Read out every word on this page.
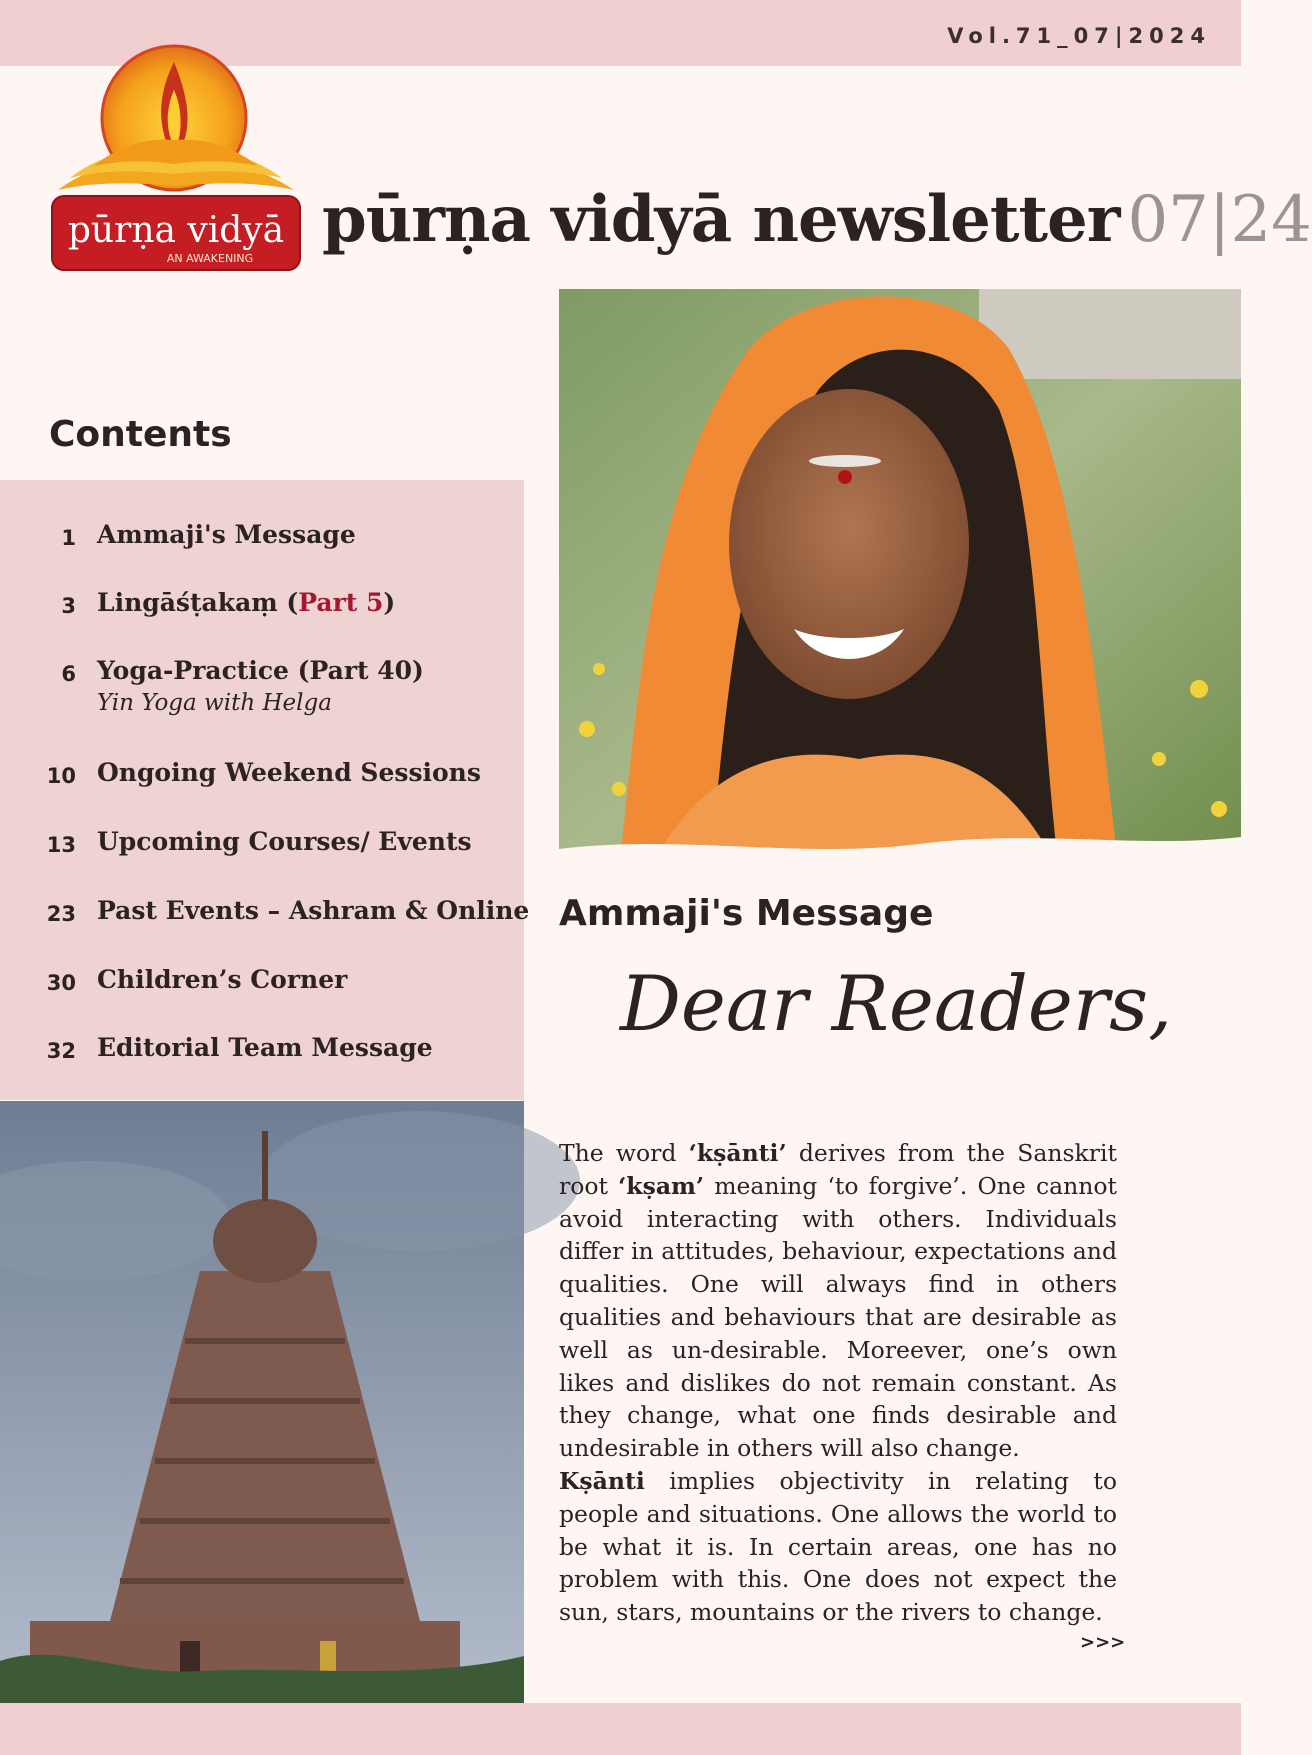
Vol.71_07|2024
pūrṇa vidyā
AN AWAKENING
pūrṇa vidyā newsletter 07|24
Contents
1 Ammaji's Message
3 Lingāśṭakaṃ (Part 5)
6 Yoga-Practice (Part 40)
Yin Yoga with Helga
10 Ongoing Weekend Sessions
13 Upcoming Courses/ Events
23 Past Events – Ashram & Online
30 Children’s Corner
32 Editorial Team Message
Ammaji's Message
Dear Readers,

The word ‘kṣānti’ derives from the Sanskrit root ‘kṣam’ meaning ‘to forgive’. One cannot avoid interacting with others. Individuals differ in attitudes, behaviour, expectations and qualities. One will always find in others qualities and behaviours that are desirable as well as un-desirable. Moreever, one’s own likes and dislikes do not remain constant. As they change, what one finds desirable and undesirable in others will also change.

Kṣānti implies objectivity in relating to people and situations. One allows the world to be what it is. In certain areas, one has no problem with this. One does not expect the sun, stars, mountains or the rivers to change.

>>>
